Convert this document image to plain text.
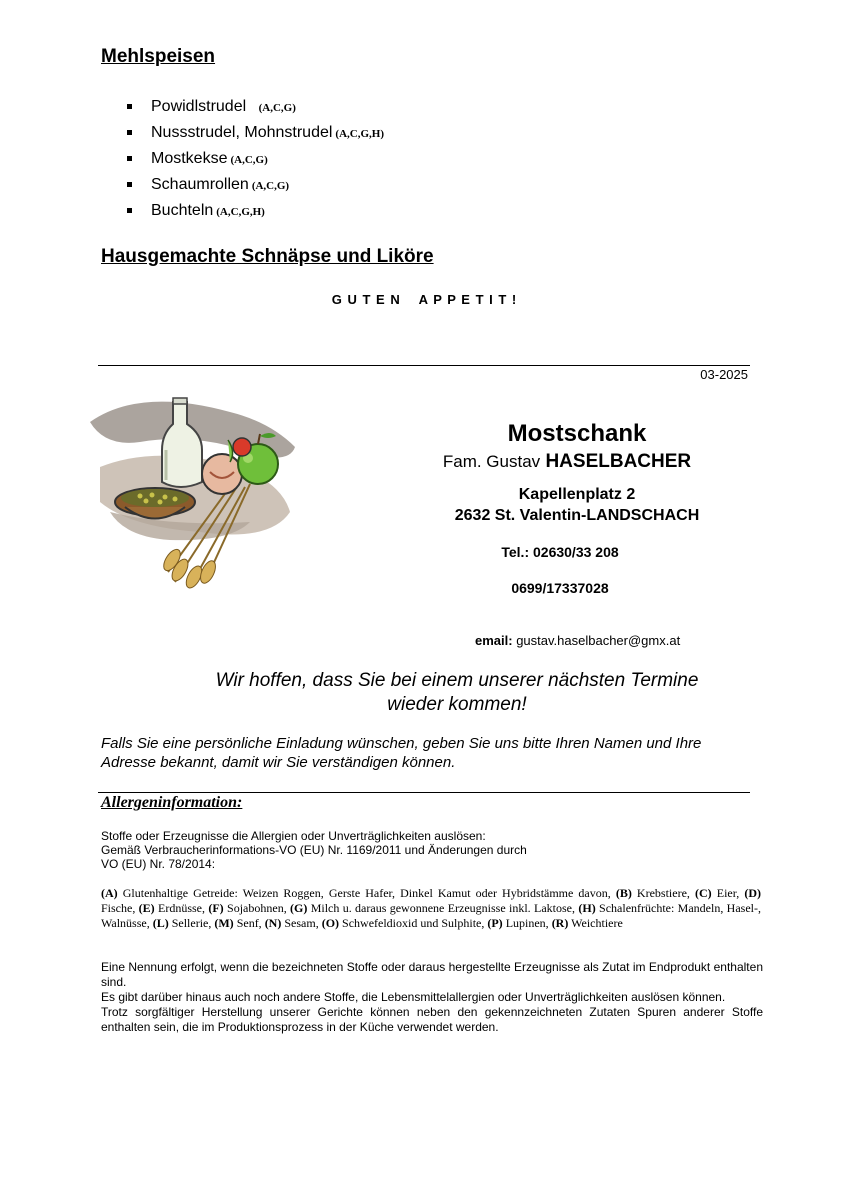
Mehlspeisen
Powidlstrudel (A,C,G)
Nussstrudel, Mohnstrudel (A,C,G,H)
Mostkekse (A,C,G)
Schaumrollen (A,C,G)
Buchteln (A,C,G,H)
Hausgemachte Schnäpse und Liköre
G U T E N    A P P E T I T !
03-2025
Mostschank
Fam. Gustav HASELBACHER
Kapellenplatz 2
2632 St. Valentin-LANDSCHACH
Tel.: 02630/33 208
0699/17337028
email: gustav.haselbacher@gmx.at
Wir hoffen, dass Sie bei einem unserer nächsten Termine
wieder kommen!
Falls Sie eine persönliche Einladung wünschen, geben Sie uns bitte Ihren Namen und Ihre
Adresse bekannt, damit wir Sie verständigen können.
Allergeninformation:
Stoffe oder Erzeugnisse die Allergien oder Unverträglichkeiten auslösen:
Gemäß Verbraucherinformations-VO (EU) Nr. 1169/2011 und Änderungen durch
VO (EU) Nr. 78/2014:
(A) Glutenhaltige Getreide: Weizen Roggen, Gerste Hafer, Dinkel Kamut oder Hybridstämme davon, (B) Krebstiere, (C) Eier, (D) Fische, (E) Erdnüsse, (F) Sojabohnen, (G) Milch u. daraus gewonnene Erzeugnisse inkl. Laktose, (H) Schalenfrüchte: Mandeln, Hasel-, Walnüsse, (L) Sellerie, (M) Senf, (N) Sesam, (O) Schwefeldioxid und Sulphite, (P) Lupinen, (R) Weichtiere
Eine Nennung erfolgt, wenn die bezeichneten Stoffe oder daraus hergestellte Erzeugnisse als Zutat im Endprodukt enthalten sind.
Es gibt darüber hinaus auch noch andere Stoffe, die Lebensmittelallergien oder Unverträglichkeiten auslösen können.
Trotz sorgfältiger Herstellung unserer Gerichte können neben den gekennzeichneten Zutaten Spuren anderer Stoffe enthalten sein, die im Produktionsprozess in der Küche verwendet werden.
